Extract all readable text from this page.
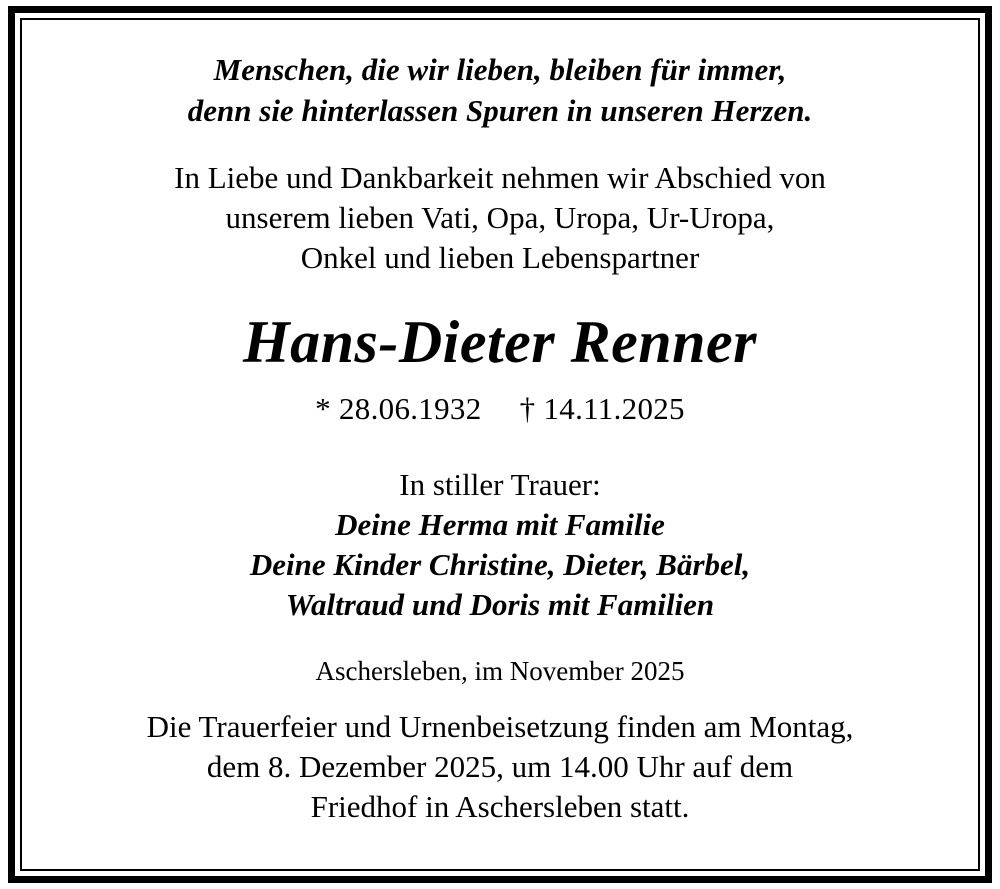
Menschen, die wir lieben, bleiben für immer,
denn sie hinterlassen Spuren in unseren Herzen.
In Liebe und Dankbarkeit nehmen wir Abschied von
unserem lieben Vati, Opa, Uropa, Ur-Uropa,
Onkel und lieben Lebenspartner
Hans-Dieter Renner
* 28.06.1932 † 14.11.2025
In stiller Trauer:
Deine Herma mit Familie
Deine Kinder Christine, Dieter, Bärbel,
Waltraud und Doris mit Familien
Aschersleben, im November 2025
Die Trauerfeier und Urnenbeisetzung finden am Montag,
dem 8. Dezember 2025, um 14.00 Uhr auf dem
Friedhof in Aschersleben statt.
